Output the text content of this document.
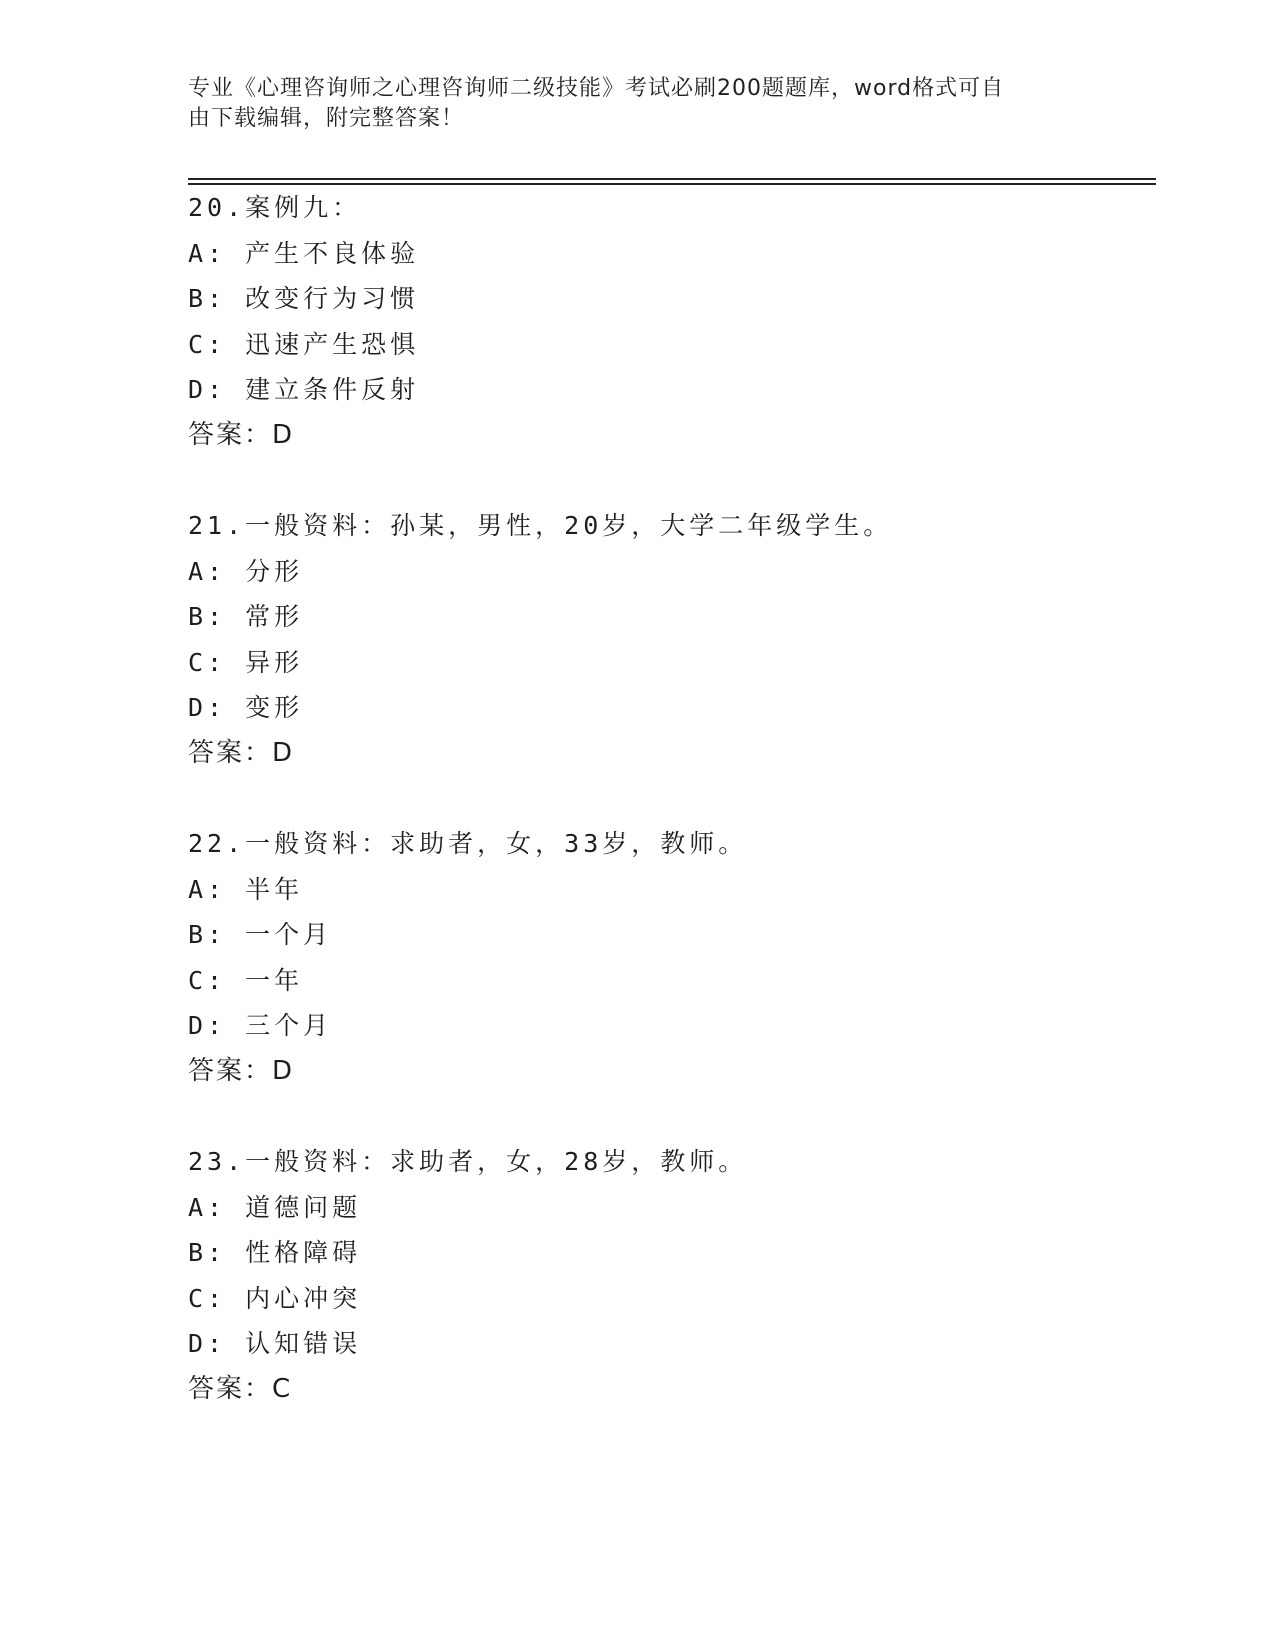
专业《心理咨询师之心理咨询师二级技能》考试必刷200题题库，word格式可自
由下载编辑，附完整答案！
20.案例九：
A: 产生不良体验
B: 改变行为习惯
C: 迅速产生恐惧
D: 建立条件反射
答案：D
21.一般资料：孙某，男性，20岁，大学二年级学生。
A: 分形
B: 常形
C: 异形
D: 变形
答案：D
22.一般资料：求助者，女，33岁，教师。
A: 半年
B: 一个月
C: 一年
D: 三个月
答案：D
23.一般资料：求助者，女，28岁，教师。
A: 道德问题
B: 性格障碍
C: 内心冲突
D: 认知错误
答案：C
